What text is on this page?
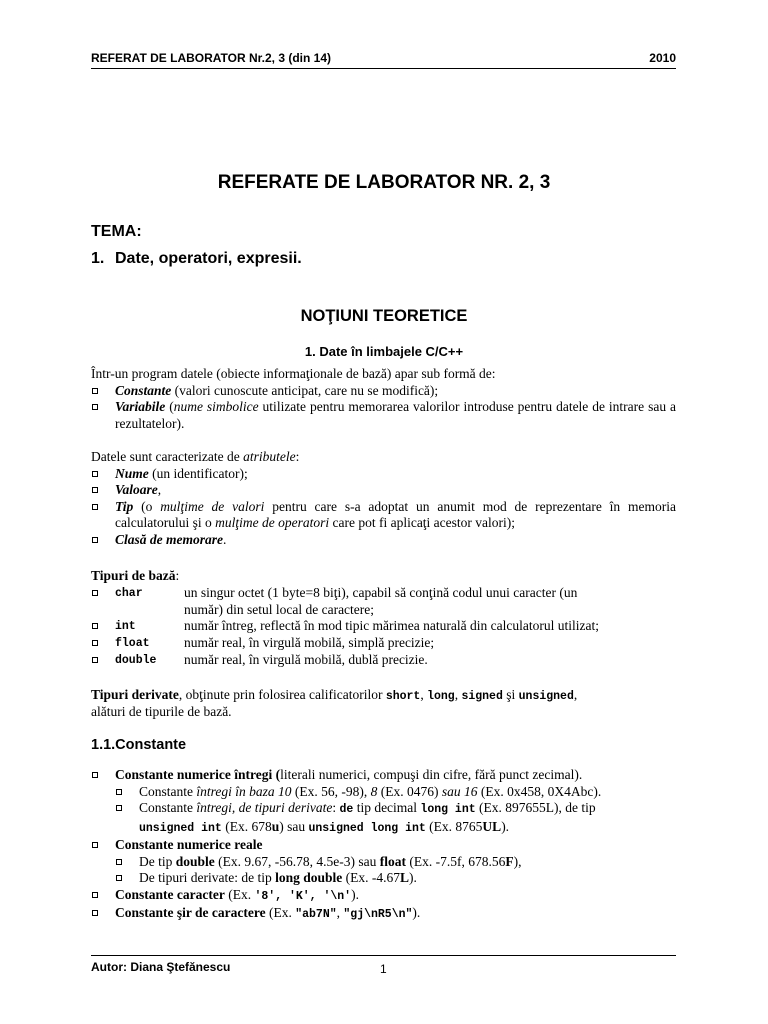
REFERAT DE LABORATOR Nr.2, 3 (din 14)	2010
REFERATE DE LABORATOR NR. 2, 3
TEMA:
1. Date, operatori, expresii.
NOŢIUNI TEORETICE
1. Date în limbajele C/C++
Într-un program datele (obiecte informaţionale de bază) apar sub formă de:
Constante (valori cunoscute anticipat, care nu se modifică);
Variabile (nume simbolice utilizate pentru memorarea valorilor introduse pentru datele de intrare sau a rezultatelor).
Datele sunt caracterizate de atributele:
Nume (un identificator);
Valoare,
Tip (o mulţime de valori pentru care s-a adoptat un anumit mod de reprezentare în memoria calculatorului şi o mulţime de operatori care pot fi aplicaţi acestor valori);
Clasă de memorare.
Tipuri de bază:
char	un singur octet (1 byte=8 biţi), capabil să conţină codul unui caracter (un
număr) din setul local de caractere;
int	număr întreg, reflectă în mod tipic mărimea naturală din calculatorul utilizat;
float	număr real, în virgulă mobilă, simplă precizie;
double număr real, în virgulă mobilă, dublă precizie.
Tipuri derivate, obţinute prin folosirea calificatorilor short, long, signed şi unsigned,
alături de tipurile de bază.
1.1.Constante
Constante numerice întregi (literali numerici, compuşi din cifre, fără punct zecimal).
Constante întregi în baza 10 (Ex. 56, -98), 8 (Ex. 0476) sau 16 (Ex. 0x458, 0X4Abc).
Constante întregi, de tipuri derivate: de tip decimal long int (Ex. 897655L), de tip
unsigned int (Ex. 678u) sau unsigned long int (Ex. 8765UL).
Constante numerice reale
De tip double (Ex. 9.67, -56.78, 4.5e-3) sau float (Ex. -7.5f, 678.56F),
De tipuri derivate: de tip long double (Ex. -4.67L).
Constante caracter (Ex. '8', 'K', '\n').
Constante şir de caractere (Ex. "ab7N", "gj\nR5\n").
Autor: Diana Ştefănescu	1
